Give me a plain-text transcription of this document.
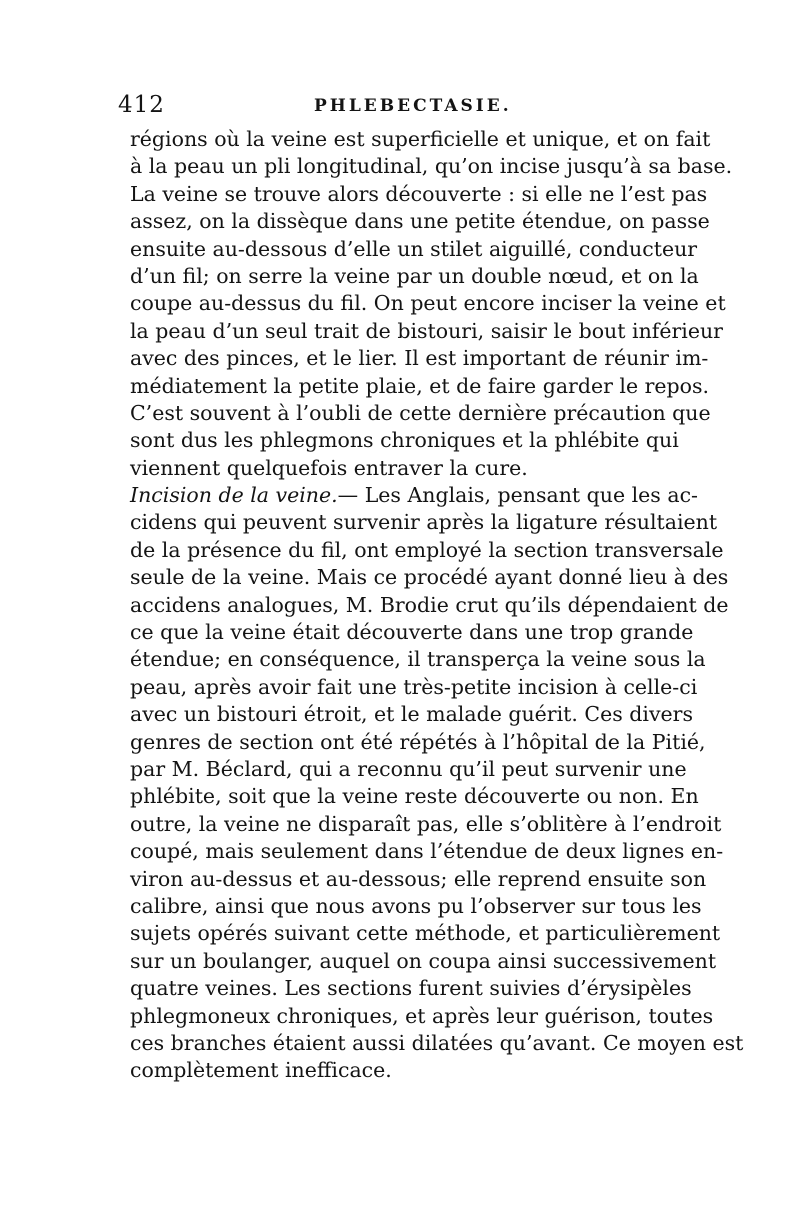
412	PHLEBECTASIE.
régions où la veine est superficielle et unique, et on fait
à la peau un pli longitudinal, qu’on incise jusqu’à sa base.
La veine se trouve alors découverte : si elle ne l’est pas
assez, on la dissèque dans une petite étendue, on passe
ensuite au-dessous d’elle un stilet aiguillé, conducteur
d’un fil; on serre la veine par un double nœud, et on la
coupe au-dessus du fil. On peut encore inciser la veine et
la peau d’un seul trait de bistouri, saisir le bout inférieur
avec des pinces, et le lier. Il est important de réunir im-
médiatement la petite plaie, et de faire garder le repos.
C’est souvent à l’oubli de cette dernière précaution que
sont dus les phlegmons chroniques et la phlébite qui
viennent quelquefois entraver la cure.
Incision de la veine.— Les Anglais, pensant que les ac-
cidens qui peuvent survenir après la ligature résultaient
de la présence du fil, ont employé la section transversale
seule de la veine. Mais ce procédé ayant donné lieu à des
accidens analogues, M. Brodie crut qu’ils dépendaient de
ce que la veine était découverte dans une trop grande
étendue; en conséquence, il transperça la veine sous la
peau, après avoir fait une très-petite incision à celle-ci
avec un bistouri étroit, et le malade guérit. Ces divers
genres de section ont été répétés à l’hôpital de la Pitié,
par M. Béclard, qui a reconnu qu’il peut survenir une
phlébite, soit que la veine reste découverte ou non. En
outre, la veine ne disparaît pas, elle s’oblitère à l’endroit
coupé, mais seulement dans l’étendue de deux lignes en-
viron au-dessus et au-dessous; elle reprend ensuite son
calibre, ainsi que nous avons pu l’observer sur tous les
sujets opérés suivant cette méthode, et particulièrement
sur un boulanger, auquel on coupa ainsi successivement
quatre veines. Les sections furent suivies d’érysipèles
phlegmoneux chroniques, et après leur guérison, toutes
ces branches étaient aussi dilatées qu’avant. Ce moyen est
complètement inefficace.
